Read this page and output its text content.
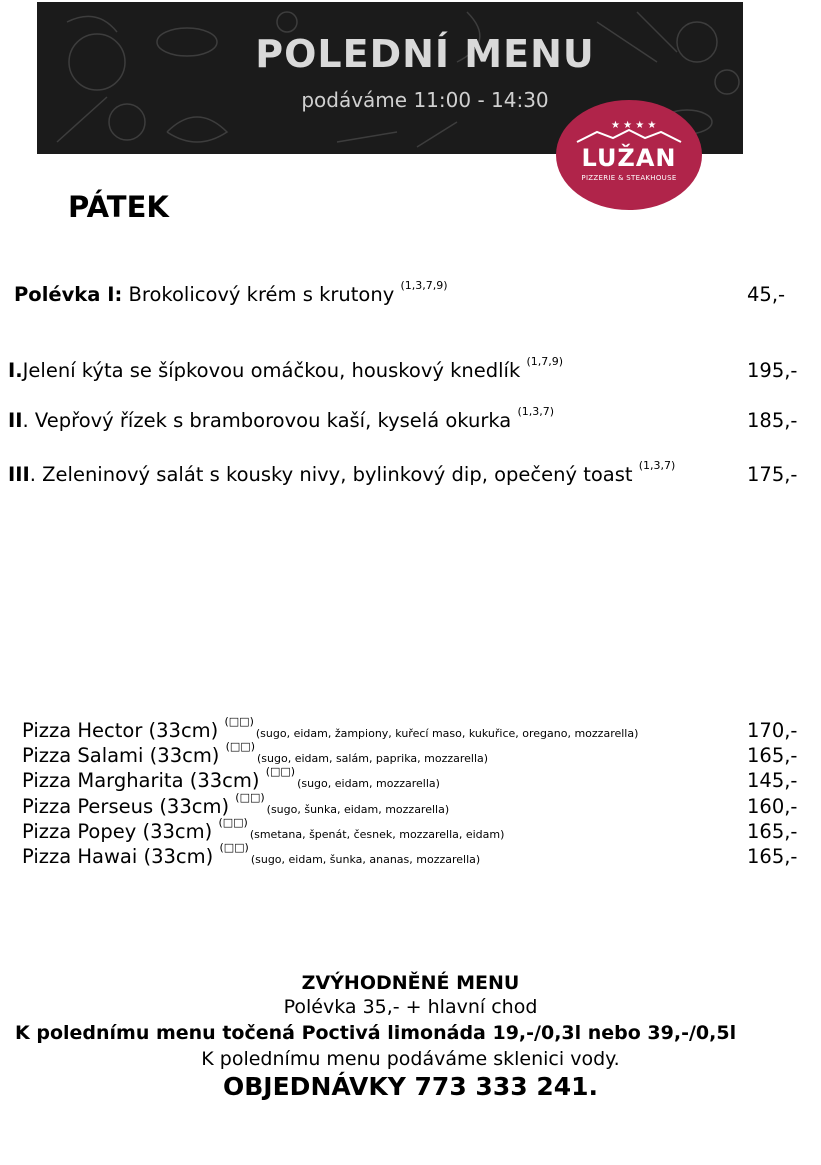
POLEDNÍ MENU
podáváme 11:00 - 14:30
★ ★ ★ ★
LUŽAN
PIZZERIE & STEAKHOUSE
PÁTEK
Polévka I: Brokolicový krém s krutony $^{(1,3,7,9)}$	45,-
I.Jelení kýta se šípkovou omáčkou, houskový knedlík $^{(1,7,9)}$	195,-
II. Vepřový řízek s bramborovou kaší, kyselá okurka $^{(1,3,7)}$	185,-
III. Zeleninový salát s kousky nivy, bylinkový dip, opečený toast $^{(1,3,7)}$	175,-
Pizza Hector (33cm) (□□)(sugo, eidam, žampiony, kuřecí maso, kukuřice, oregano, mozzarella)	170,-
Pizza Salami (33cm) (□□)(sugo, eidam, salám, paprika, mozzarella)	165,-
Pizza Margharita (33cm) (□□)(sugo, eidam, mozzarella)	145,-
Pizza Perseus (33cm) (□□)(sugo, šunka, eidam, mozzarella)	160,-
Pizza Popey (33cm) (□□)(smetana, špenát, česnek, mozzarella, eidam)	165,-
Pizza Hawai (33cm) (□□)(sugo, eidam, šunka, ananas, mozzarella)	165,-
ZVÝHODNĚNÉ MENU
Polévka 35,- + hlavní chod
K polednímu menu točená Poctivá limonáda 19,-/0,3l nebo 39,-/0,5l
K polednímu menu podáváme sklenici vody.
OBJEDNÁVKY 773 333 241.
